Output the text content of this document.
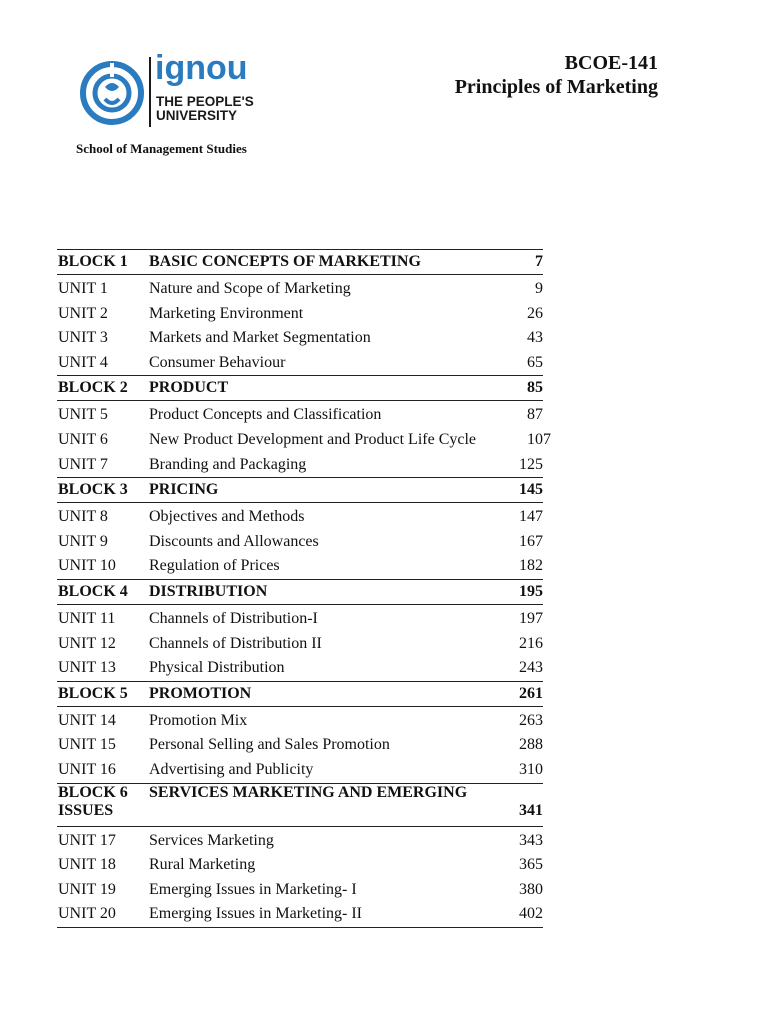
ignou
THE PEOPLE'S
UNIVERSITY
School of Management Studies
BCOE-141
Principles of Marketing
BLOCK 1 BASIC CONCEPTS OF MARKETING	7
UNIT 1	Nature and Scope of Marketing	9
UNIT 2	Marketing Environment	26
UNIT 3	Markets and Market Segmentation	43
UNIT 4	Consumer Behaviour	65
BLOCK 2 PRODUCT	85
UNIT 5	Product Concepts and Classification	87
UNIT 6	New Product Development and Product Life Cycle	107
UNIT 7	Branding and Packaging	125
BLOCK 3 PRICING	145
UNIT 8	Objectives and Methods	147
UNIT 9	Discounts and Allowances	167
UNIT 10 Regulation of Prices	182
BLOCK 4 DISTRIBUTION	195
UNIT 11 Channels of Distribution-I	197
UNIT 12 Channels of Distribution II	216
UNIT 13 Physical Distribution	243
BLOCK 5 PROMOTION	261
UNIT 14 Promotion Mix	263
UNIT 15 Personal Selling and Sales Promotion	288
UNIT 16 Advertising and Publicity	310
BLOCK 6 SERVICES MARKETING AND EMERGING
ISSUES	341
UNIT 17 Services Marketing	343
UNIT 18 Rural Marketing	365
UNIT 19 Emerging Issues in Marketing- I	380
UNIT 20 Emerging Issues in Marketing- II	402
